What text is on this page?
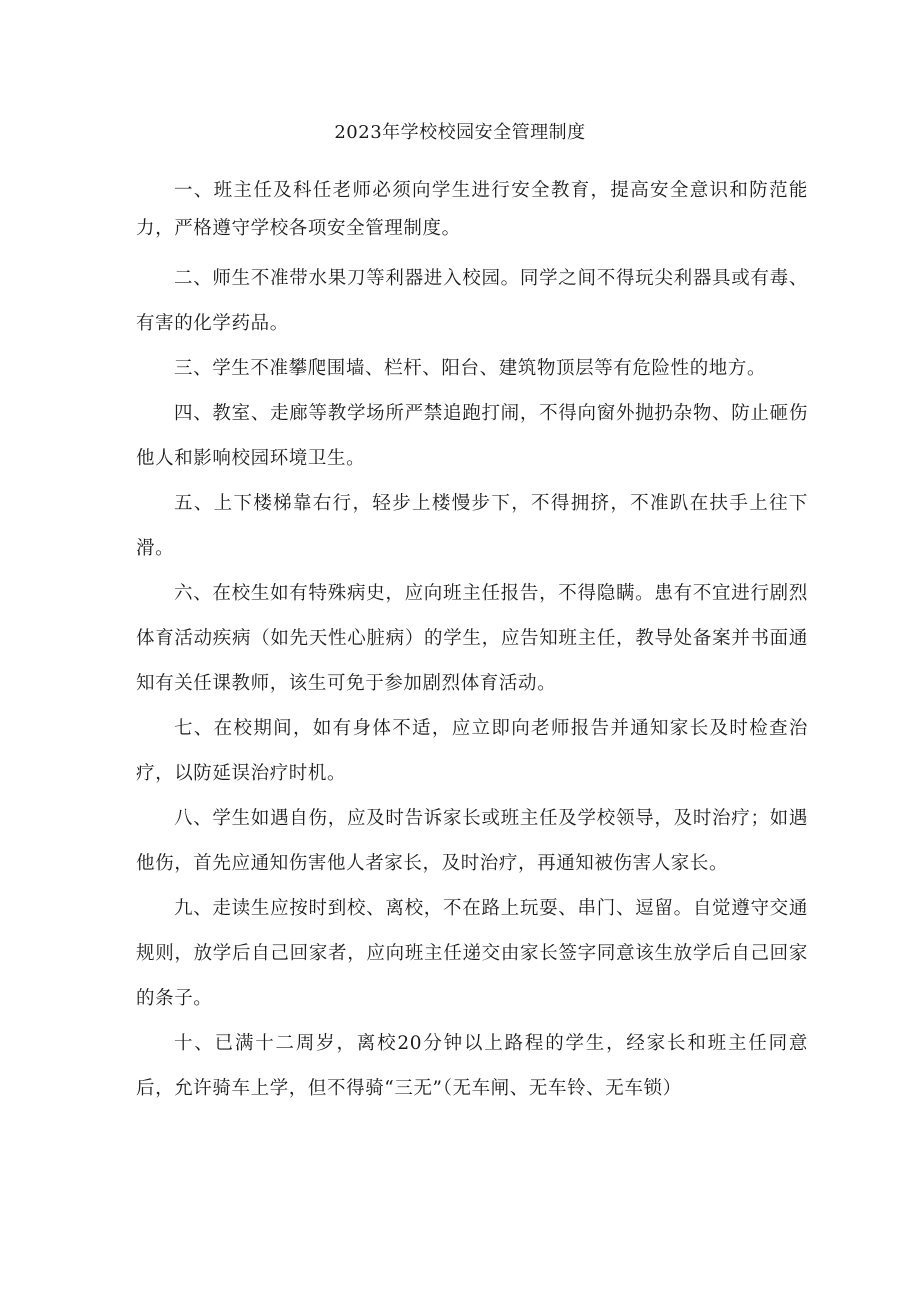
2023年学校校园安全管理制度

一、班主任及科任老师必须向学生进行安全教育，提高安全意识和防范能力，严格遵守学校各项安全管理制度。

二、师生不准带水果刀等利器进入校园。同学之间不得玩尖利器具或有毒、有害的化学药品。

三、学生不准攀爬围墙、栏杆、阳台、建筑物顶层等有危险性的地方。

四、教室、走廊等教学场所严禁追跑打闹，不得向窗外抛扔杂物、防止砸伤他人和影响校园环境卫生。

五、上下楼梯靠右行，轻步上楼慢步下，不得拥挤，不准趴在扶手上往下滑。

六、在校生如有特殊病史，应向班主任报告，不得隐瞒。患有不宜进行剧烈体育活动疾病（如先天性心脏病）的学生，应告知班主任，教导处备案并书面通知有关任课教师，该生可免于参加剧烈体育活动。

七、在校期间，如有身体不适，应立即向老师报告并通知家长及时检查治疗，以防延误治疗时机。

八、学生如遇自伤，应及时告诉家长或班主任及学校领导，及时治疗；如遇他伤，首先应通知伤害他人者家长，及时治疗，再通知被伤害人家长。

九、走读生应按时到校、离校，不在路上玩耍、串门、逗留。自觉遵守交通规则，放学后自己回家者，应向班主任递交由家长签字同意该生放学后自己回家的条子。

十、已满十二周岁，离校20分钟以上路程的学生，经家长和班主任同意后，允许骑车上学，但不得骑“三无”（无车闸、无车铃、无车锁）
